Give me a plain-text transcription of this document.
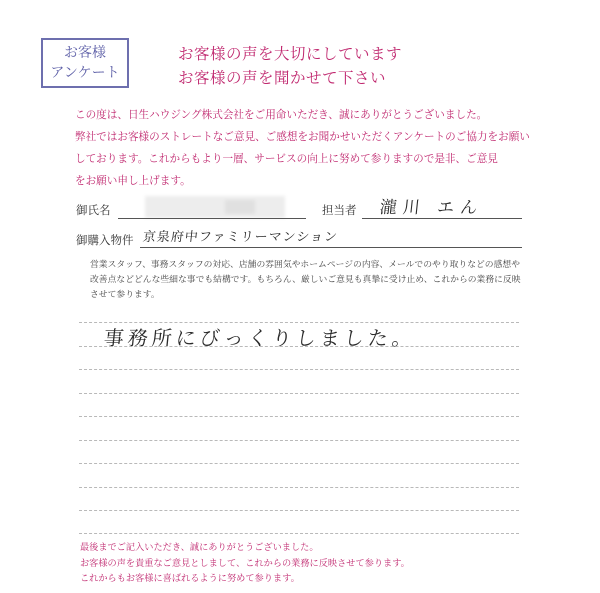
お客様
アンケート
お客様の声を大切にしています
お客様の声を聞かせて下さい
この度は、日生ハウジング株式会社をご用命いただき、誠にありがとうございました。
弊社ではお客様のストレートなご意見、ご感想をお聞かせいただくアンケートのご協力をお願い
しております。これからもより一層、サービスの向上に努めて参りますので是非、ご意見
をお願い申し上げます。
御氏名	担当者 瀧川 エん
御購入物件 京泉府中ファミリーマンション
営業スタッフ、事務スタッフの対応、店舗の雰囲気やホームページの内容、メールでのやり取りなどの感想や
改善点などどんな些細な事でも結構です。もちろん、厳しいご意見も真摯に受け止め、これからの業務に反映
させて参ります。
事務所にびっくりしました。
最後までご記入いただき、誠にありがとうございました。
お客様の声を貴重なご意見としまして、これからの業務に反映させて参ります。
これからもお客様に喜ばれるように努めて参ります。
